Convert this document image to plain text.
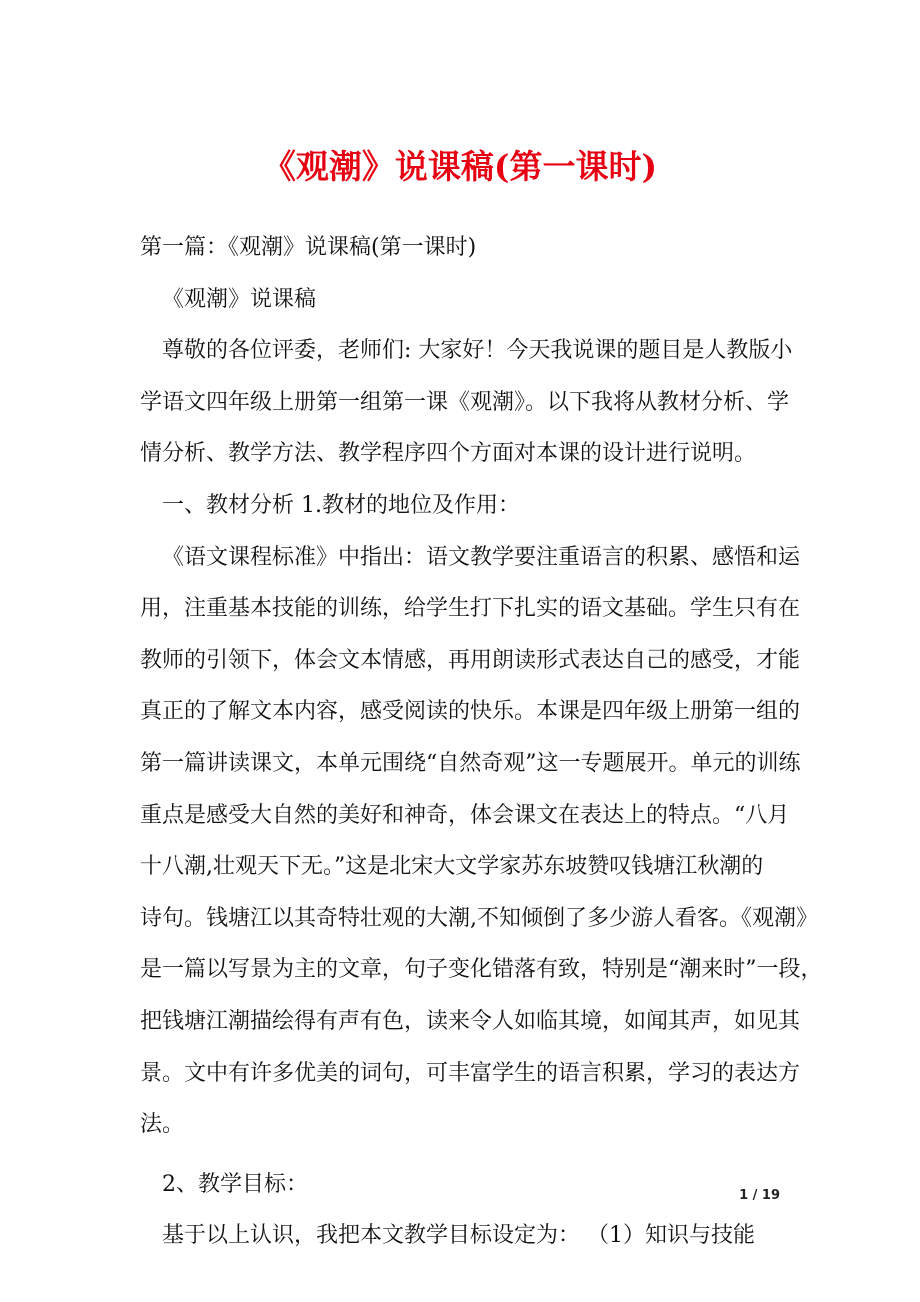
《观潮》说课稿(第一课时)
第一篇：《观潮》说课稿(第一课时)
《观潮》说课稿
尊敬的各位评委，老师们: 大家好！今天我说课的题目是人教版小
学语文四年级上册第一组第一课《观潮》。以下我将从教材分析、学
情分析、教学方法、教学程序四个方面对本课的设计进行说明。
一、教材分析 1.教材的地位及作用：
《语文课程标准》中指出：语文教学要注重语言的积累、感悟和运
用，注重基本技能的训练，给学生打下扎实的语文基础。学生只有在
教师的引领下，体会文本情感，再用朗读形式表达自己的感受，才能
真正的了解文本内容，感受阅读的快乐。本课是四年级上册第一组的
第一篇讲读课文，本单元围绕“自然奇观”这一专题展开。单元的训练
重点是感受大自然的美好和神奇，体会课文在表达上的特点。“八月
十八潮,壮观天下无。”这是北宋大文学家苏东坡赞叹钱塘江秋潮的
诗句。钱塘江以其奇特壮观的大潮,不知倾倒了多少游人看客。《观潮》
是一篇以写景为主的文章，句子变化错落有致，特别是“潮来时”一段，
把钱塘江潮描绘得有声有色，读来令人如临其境，如闻其声，如见其
景。文中有许多优美的词句，可丰富学生的语言积累，学习的表达方
法。
2、教学目标：
基于以上认识，我把本文教学目标设定为： （1）知识与技能
1 / 19
